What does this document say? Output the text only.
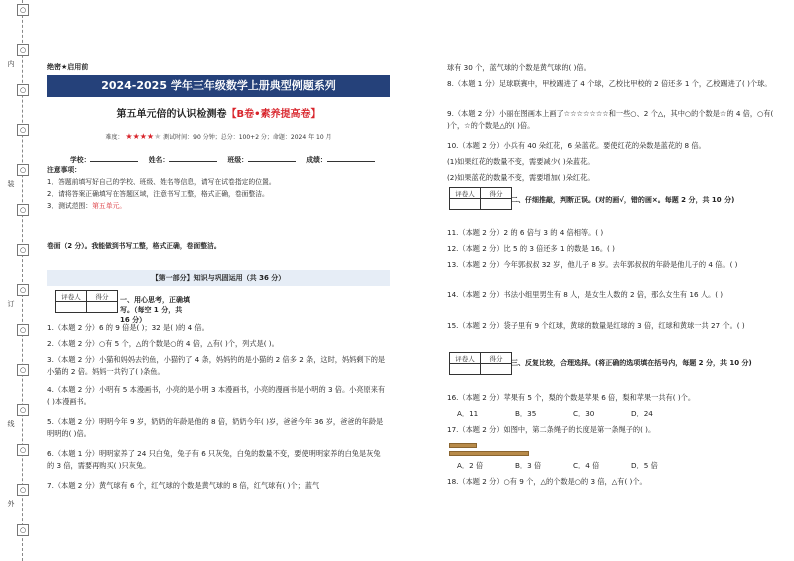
○
○
○
○
○
○
○
○
○
○
○
○
○
○
内
装
订
线
外
绝密★启用前
2024-2025 学年三年级数学上册典型例题系列
第五单元倍的认识检测卷【B卷•素养提高卷】
难度： ★★★★★ 测试时间：90 分钟；总分：100+2 分；命题：2024 年 10 月
学校：	姓名：	班级：	成绩：
注意事项：
1．答题前填写好自己的学校、班级、姓名等信息，请写在试卷指定的位置。
2．请将答案正确填写在答题区域，注意书写工整，格式正确，卷面整洁。
3．测试范围：第五单元。
卷面（2 分）。我能做到书写工整，格式正确，卷面整洁。
【第一部分】知识与巩固运用（共 36 分）
评卷人	得分
	一、用心思考，正确填写。（每空 1 分，共 16 分）
1.（本题 2 分）6 的 9 倍是( )；32 是( )的 4 倍。
2.（本题 2 分）○有 5 个，△的个数是○的 4 倍，△有( )个，列式是( )。
3.（本题 2 分）小猫和妈妈去钓鱼，小猫钓了 4 条，妈妈钓的是小猫的 2 倍多 2 条，这时，妈妈剩下的是小猫的 2 倍。妈妈一共钓了( )条鱼。
4.（本题 2 分）小明有 5 本漫画书，小亮的是小明 3 本漫画书，小亮的漫画书是小明的 3 倍。小亮原来有( )本漫画书。
5.（本题 2 分）明明今年 9 岁，奶奶的年龄是他的 8 倍，奶奶今年( )岁，爸爸今年 36 岁，爸爸的年龄是明明的( )倍。
6.（本题 1 分）明明家养了 24 只白兔，兔子有 6 只灰兔，白兔的数量不变，要使明明家养的白兔是灰兔的 3 倍，需要再购买( )只灰兔。
7.（本题 2 分）黄气球有 6 个，红气球的个数是黄气球的 8 倍，红气球有( )个；蓝气
球有 30 个，蓝气球的个数是黄气球的( )倍。
8.（本题 1 分）足球联赛中，甲校踢进了 4 个球，乙校比甲校的 2 倍还多 1 个，乙校踢进了( )个球。
9.（本题 2 分）小丽在图画本上画了☆☆☆☆☆☆☆和一些○、2 个△，其中○的个数是☆的 4 倍，○有( )个，☆的个数是△的( )倍。
10.（本题 2 分）小兵有 40 朵红花，6 朵蓝花。要使红花的朵数是蓝花的 8 倍。
(1)如果红花的数量不变，需要减少( )朵蓝花。
(2)如果蓝花的数量不变，需要增加( )朵红花。
评卷人	得分

二、仔细推敲，判断正误。(对的画√，错的画×。每题 2 分，共 10 分)
11.（本题 2 分）2 的 6 倍与 3 的 4 倍相等。( )
12.（本题 2 分）比 5 的 3 倍还多 1 的数是 16。( )
13.（本题 2 分）今年郭叔叔 32 岁，他儿子 8 岁。去年郭叔叔的年龄是他儿子的 4 倍。( )
14.（本题 2 分）书法小组里男生有 8 人，是女生人数的 2 倍，那么女生有 16 人。( )
15.（本题 2 分）袋子里有 9 个红球，黄球的数量是红球的 3 倍，红球和黄球一共 27 个。( )
评卷人	得分

三、反复比较，合理选择。(将正确的选项填在括号内，每题 2 分，共 10 分)
16.（本题 2 分）苹果有 5 个，梨的个数是苹果 6 倍，梨和苹果一共有( )个。
A．11	B．35	C．30	D．24
17.（本题 2 分）如图中，第二条绳子的长度是第一条绳子的( )。
A．2 倍	B．3 倍	C．4 倍	D．5 倍
18.（本题 2 分）○有 9 个，△的个数是○的 3 倍，△有( )个。
